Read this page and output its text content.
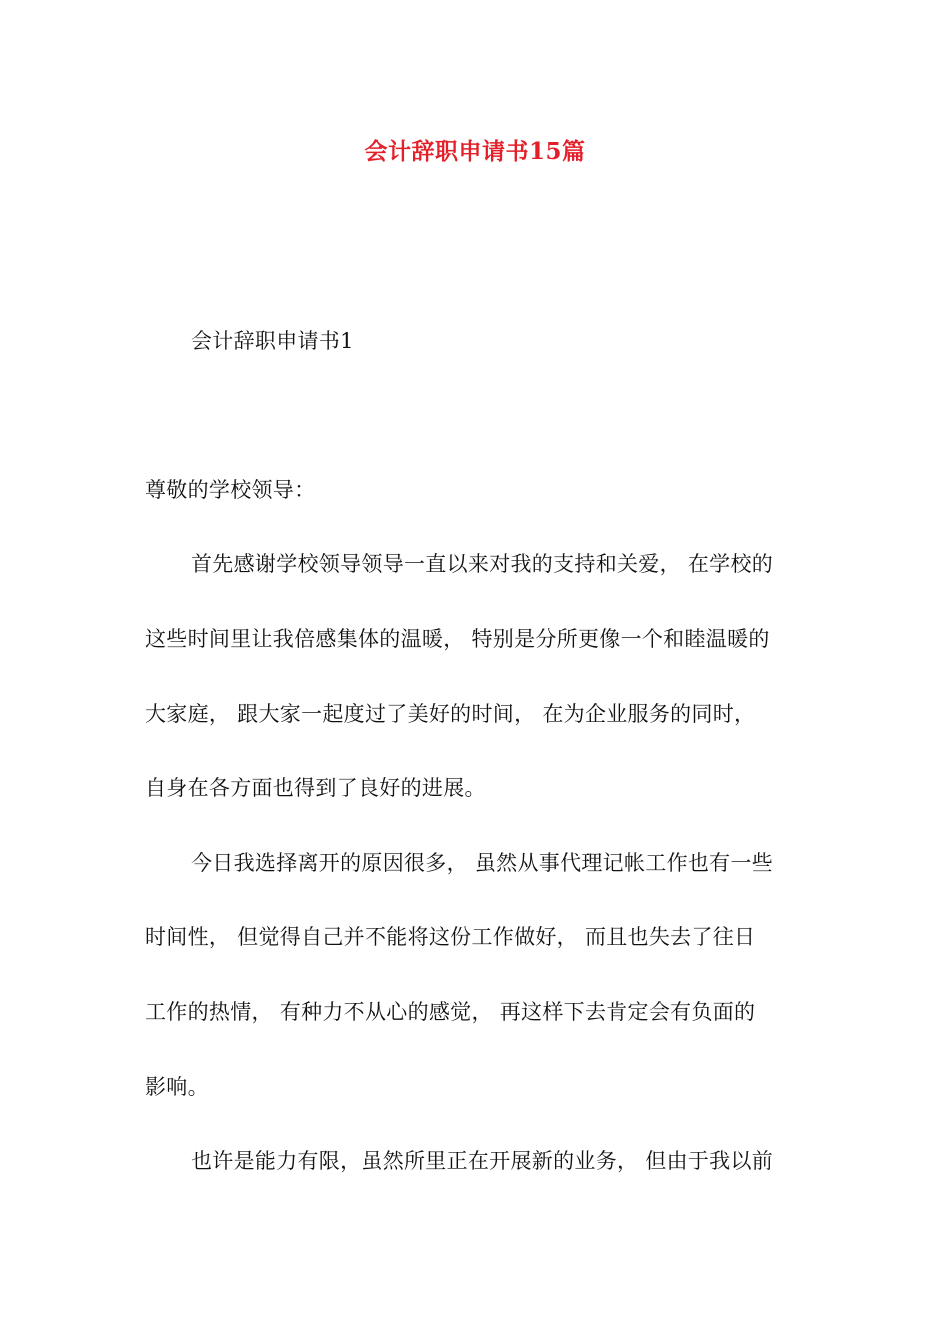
会计辞职申请书15篇
会计辞职申请书1
尊敬的学校领导：
首先感谢学校领导领导一直以来对我的支持和关爱， 在学校的
这些时间里让我倍感集体的温暖， 特别是分所更像一个和睦温暖的
大家庭， 跟大家一起度过了美好的时间， 在为企业服务的同时，
自身在各方面也得到了良好的进展。
今日我选择离开的原因很多， 虽然从事代理记帐工作也有一些
时间性， 但觉得自己并不能将这份工作做好， 而且也失去了往日
工作的热情， 有种力不从心的感觉， 再这样下去肯定会有负面的
影响。
也许是能力有限，虽然所里正在开展新的业务， 但由于我以前
